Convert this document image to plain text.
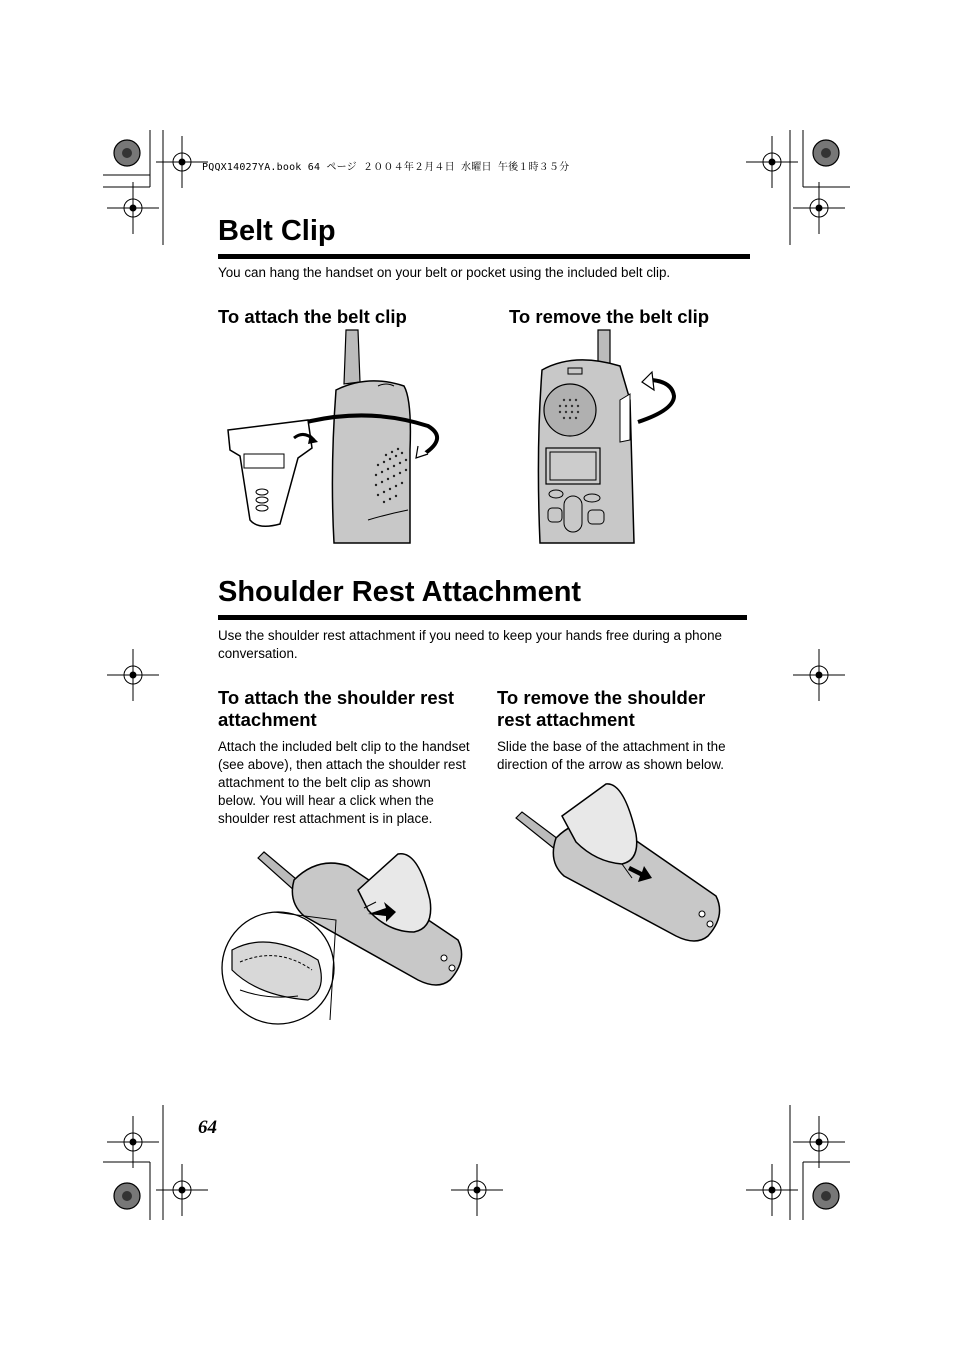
PQQX14027YA.book 64 ページ ２００４年２月４日 水曜日 午後１時３５分
Belt Clip
You can hang the handset on your belt or pocket using the included belt clip.
To attach the belt clip	To remove the belt clip
Shoulder Rest Attachment
Use the shoulder rest attachment if you need to keep your hands free during a phone conversation.
To attach the shoulder rest attachment
Attach the included belt clip to the handset (see above), then attach the shoulder rest attachment to the belt clip as shown below. You will hear a click when the shoulder rest attachment is in place.
To remove the shoulder rest attachment
Slide the base of the attachment in the direction of the arrow as shown below.
64
